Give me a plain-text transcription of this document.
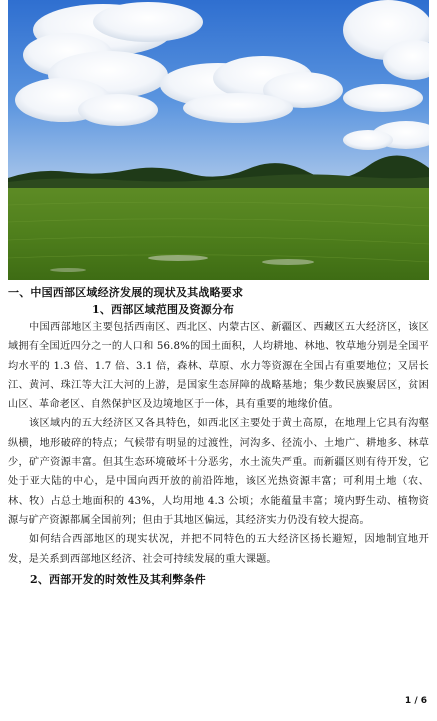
一、中国西部区域经济发展的现状及其战略要求
1、西部区域范围及资源分布

中国西部地区主要包括西南区、西北区、内蒙古区、新疆区、西藏区五大经济区，该区域拥有全国近四分之一的人口和 56.8%的国土面积，人均耕地、林地、牧草地分别是全国平均水平的 1.3 倍、1.7 倍、3.1 倍，森林、草原、水力等资源在全国占有重要地位；又居长江、黄河、珠江等大江大河的上游，是国家生态屏障的战略基地；集少数民族聚居区，贫困山区、革命老区、自然保护区及边境地区于一体，具有重要的地缘价值。

该区域内的五大经济区又各具特色，如西北区主要处于黄土高原，在地理上它具有沟壑纵横，地形破碎的特点；气候带有明显的过渡性，河沟多、径流小、土地广、耕地多、林草少，矿产资源丰富。但其生态环境破坏十分恶劣，水土流失严重。而新疆区则有待开发，它处于亚大陆的中心，是中国向西开放的前沿阵地，该区光热资源丰富；可利用土地（农、林、牧）占总土地面积的 43%，人均用地 4.3 公顷；水能蕴量丰富；境内野生动、植物资源与矿产资源都属全国前列；但由于其地区偏远，其经济实力仍没有较大提高。

如何结合西部地区的现实状况，并把不同特色的五大经济区扬长避短，因地制宜地开发，是关系到西部地区经济、社会可持续发展的重大课题。

2、西部开发的时效性及其利弊条件
1 / 6
